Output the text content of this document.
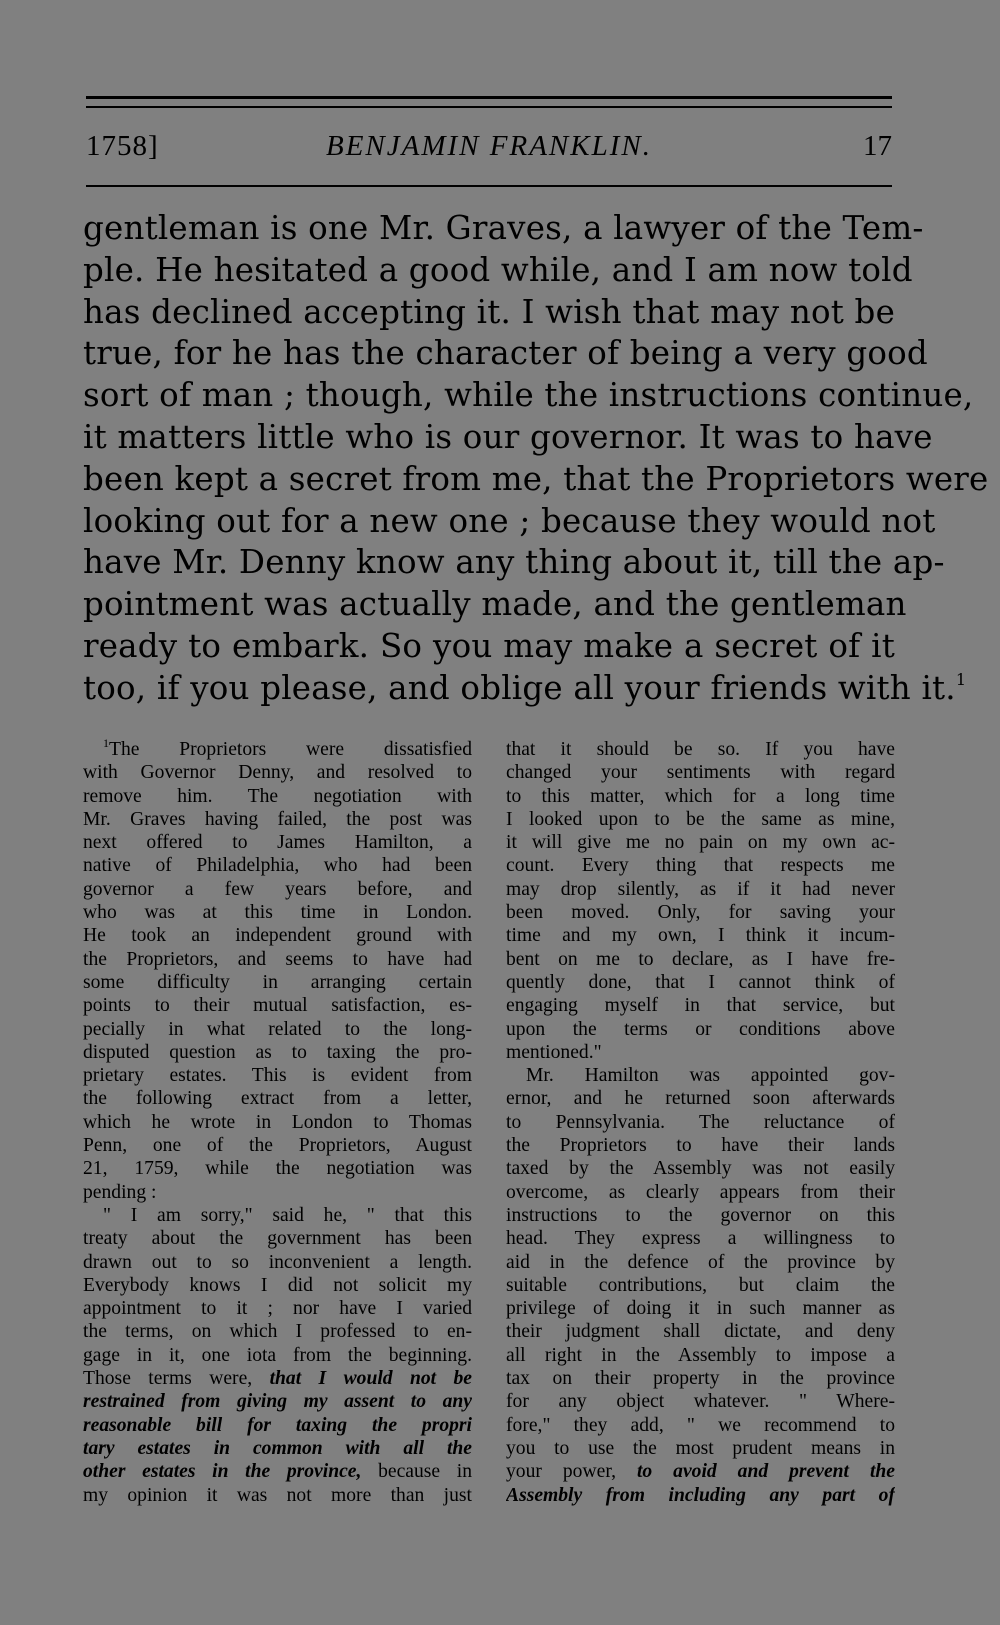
1758]	BENJAMIN FRANKLIN.	17
gentleman is one Mr. Graves, a lawyer of the Tem-
ple. He hesitated a good while, and I am now told
has declined accepting it. I wish that may not be
true, for he has the character of being a very good
sort of man ; though, while the instructions continue,
it matters little who is our governor. It was to have
been kept a secret from me, that the Proprietors were
looking out for a new one ; because they would not
have Mr. Denny know any thing about it, till the ap-
pointment was actually made, and the gentleman
ready to embark. So you may make a secret of it
too, if you please, and oblige all your friends with it.$^1$
$^1$The Proprietors were dissatisfied
with Governor Denny, and resolved to
remove him. The negotiation with
Mr. Graves having failed, the post was
next offered to James Hamilton, a
native of Philadelphia, who had been
governor a few years before, and
who was at this time in London.
He took an independent ground with
the Proprietors, and seems to have had
some difficulty in arranging certain
points to their mutual satisfaction, es-
pecially in what related to the long-
disputed question as to taxing the pro-
prietary estates. This is evident from
the following extract from a letter,
which he wrote in London to Thomas
Penn, one of the Proprietors, August
21, 1759, while the negotiation was
pending :
" I am sorry," said he, " that this
treaty about the government has been
drawn out to so inconvenient a length.
Everybody knows I did not solicit my
appointment to it ; nor have I varied
the terms, on which I professed to en-
gage in it, one iota from the beginning.
Those terms were, that I would not be
restrained from giving my assent to any
reasonable bill for taxing the propri
tary estates in common with all the
other estates in the province, because in
my opinion it was not more than just
that it should be so. If you have
changed your sentiments with regard
to this matter, which for a long time
I looked upon to be the same as mine,
it will give me no pain on my own ac-
count. Every thing that respects me
may drop silently, as if it had never
been moved. Only, for saving your
time and my own, I think it incum-
bent on me to declare, as I have fre-
quently done, that I cannot think of
engaging myself in that service, but
upon the terms or conditions above
mentioned."
Mr. Hamilton was appointed gov-
ernor, and he returned soon afterwards
to Pennsylvania. The reluctance of
the Proprietors to have their lands
taxed by the Assembly was not easily
overcome, as clearly appears from their
instructions to the governor on this
head. They express a willingness to
aid in the defence of the province by
suitable contributions, but claim the
privilege of doing it in such manner as
their judgment shall dictate, and deny
all right in the Assembly to impose a
tax on their property in the province
for any object whatever. " Where-
fore," they add, " we recommend to
you to use the most prudent means in
your power, to avoid and prevent the
Assembly from including any part of
